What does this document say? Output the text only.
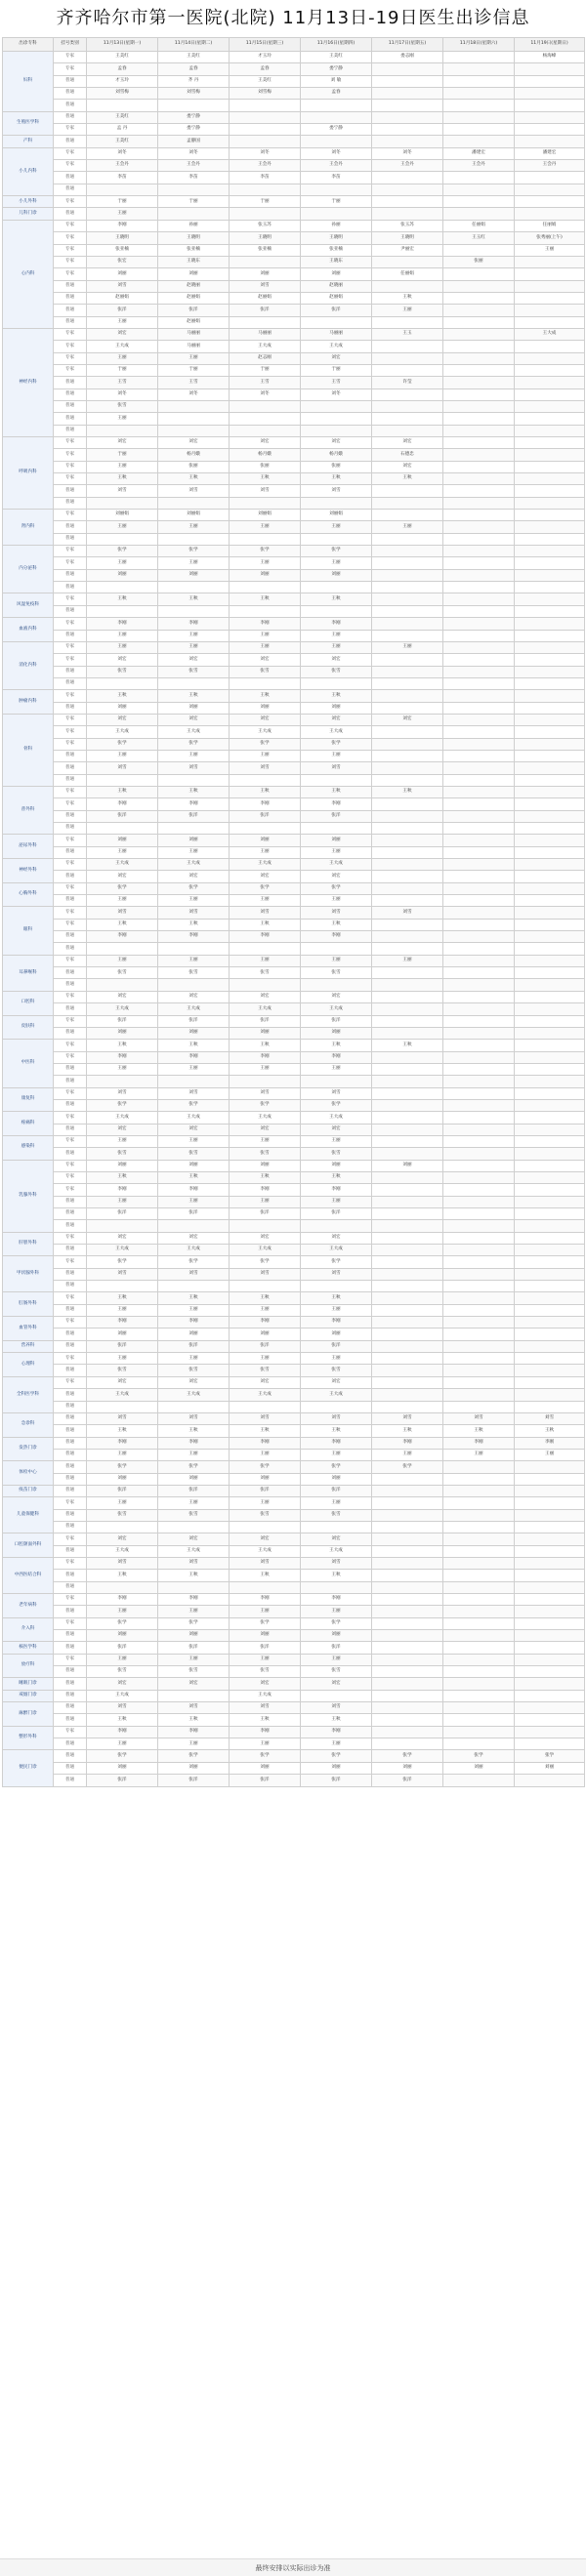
齐齐哈尔市第一医院(北院) 11月13日-19日医生出诊信息
出诊专科	挂号类别	11月13日(星期一)	11月14日(星期二)	11月15日(星期三)	11月16日(星期四)	11月17日(星期五)	11月18日(星期六)	11月19日(星期日)
妇科	专家	王美红	王美红	才玉玲	王美红	娄志刚		杨海峰
	专家	孟春	孟春	孟春	娄宁静			
	普通	才玉玲	齐 丹	王美红	刘 敏			
	普通	刘雪梅	刘雪梅	刘雪梅	孟春			
	普通							
生殖医学科	普通	王美红	娄宁静					
	专家	孟 丹	娄宁静		娄宁静			
产科	普通	王美红	孟静国					
小儿内科	专家	刘冬	刘冬	刘冬	刘冬	刘冬	潘建宏	潘建宏
	专家	王会丹	王会丹	王会丹	王会丹	王会丹	王会丹	王会丹
	普通	李苗	李苗	李苗	李苗			
	普通							
小儿外科	专家	于丽	于丽	于丽	于丽			
儿科门诊	普通	王丽						
心内科	专家	李刚	孙丽	张玉苏	孙丽	张玉苏	任丽娟	任丽娟
	专家	王晓明	王晓明	王晓明	王晓明	王晓明	王玉红	张秀丽(上午)
	专家	张亚楠	张亚楠	张亚楠	张亚楠	尹丽宏		王丽
	专家	张宏	王晓东		王晓东		张丽	
	专家	刘丽	刘丽	刘丽	刘丽	任丽娟		
	普通	刘雪	赵晓丽	刘雪	赵晓丽			
	普通	赵丽娟	赵丽娟	赵丽娟	赵丽娟	王秋		
	普通	张洋	张洋	张洋	张洋	王丽		
	普通	王丽	赵丽娟					
神经内科	专家	刘宏	马丽丽	马丽丽	马丽丽	王玉		王大成
	专家	王大成	马丽丽	王大成	王大成			
	专家	王丽	王丽	赵志刚	刘宏			
	专家	于丽	于丽	于丽	于丽			
	普通	王雪	王雪	王雪	王雪	许莹		
	普通	刘冬	刘冬	刘冬	刘冬			
	普通	张雪						
	普通	王丽						
	普通							
呼吸内科	专家	刘宏	刘宏	刘宏	刘宏	刘宏		
	专家	于丽	杨月娥	杨月娥	杨月娥	石德忠		
	专家	王丽	张丽	张丽	张丽	刘宏		
	专家	王秋	王秋	王秋	王秋	王秋		
	普通	刘雪	刘雪	刘雪	刘雪			
	普通							
肾内科	专家	刘丽娟	刘丽娟	刘丽娟	刘丽娟			
	普通	王丽	王丽	王丽	王丽	王丽		
	普通							
内分泌科	专家	张学	张学	张学	张学			
	专家	王丽	王丽	王丽	王丽			
	普通	刘丽	刘丽	刘丽	刘丽			
	普通							
风湿免疫科	专家	王秋	王秋	王秋	王秋			
	普通							
血液内科	专家	李刚	李刚	李刚	李刚			
	普通	王丽	王丽	王丽	王丽			
消化内科	专家	王丽	王丽	王丽	王丽	王丽		
	专家	刘宏	刘宏	刘宏	刘宏			
	普通	张雪	张雪	张雪	张雪			
	普通							
肿瘤内科	专家	王秋	王秋	王秋	王秋			
	普通	刘丽	刘丽	刘丽	刘丽			
骨科	专家	刘宏	刘宏	刘宏	刘宏	刘宏		
	专家	王大成	王大成	王大成	王大成			
	专家	张学	张学	张学	张学			
	普通	王丽	王丽	王丽	王丽			
	普通	刘雪	刘雪	刘雪	刘雪			
	普通							
普外科	专家	王秋	王秋	王秋	王秋	王秋		
	专家	李刚	李刚	李刚	李刚			
	普通	张洋	张洋	张洋	张洋			
	普通							
泌尿外科	专家	刘丽	刘丽	刘丽	刘丽			
	普通	王丽	王丽	王丽	王丽			
神经外科	专家	王大成	王大成	王大成	王大成			
	普通	刘宏	刘宏	刘宏	刘宏			
心胸外科	专家	张学	张学	张学	张学			
	普通	王丽	王丽	王丽	王丽			
眼科	专家	刘雪	刘雪	刘雪	刘雪	刘雪		
	专家	王秋	王秋	王秋	王秋			
	普通	李刚	李刚	李刚	李刚			
	普通							
耳鼻喉科	专家	王丽	王丽	王丽	王丽	王丽		
	普通	张雪	张雪	张雪	张雪			
	普通							
口腔科	专家	刘宏	刘宏	刘宏	刘宏			
	普通	王大成	王大成	王大成	王大成			
皮肤科	专家	张洋	张洋	张洋	张洋			
	普通	刘丽	刘丽	刘丽	刘丽			
中医科	专家	王秋	王秋	王秋	王秋	王秋		
	专家	李刚	李刚	李刚	李刚			
	普通	王丽	王丽	王丽	王丽			
	普通							
康复科	专家	刘雪	刘雪	刘雪	刘雪			
	普通	张学	张学	张学	张学			
疼痛科	专家	王大成	王大成	王大成	王大成			
	普通	刘宏	刘宏	刘宏	刘宏			
感染科	专家	王丽	王丽	王丽	王丽			
	普通	张雪	张雪	张雪	张雪			
乳腺外科	专家	刘丽	刘丽	刘丽	刘丽	刘丽		
	专家	王秋	王秋	王秋	王秋			
	专家	李刚	李刚	李刚	李刚			
	普通	王丽	王丽	王丽	王丽			
	普通	张洋	张洋	张洋	张洋			
	普通							
肝胆外科	专家	刘宏	刘宏	刘宏	刘宏			
	普通	王大成	王大成	王大成	王大成			
甲状腺外科	专家	张学	张学	张学	张学			
	普通	刘雪	刘雪	刘雪	刘雪			
	普通							
肛肠外科	专家	王秋	王秋	王秋	王秋			
	普通	王丽	王丽	王丽	王丽			
血管外科	专家	李刚	李刚	李刚	李刚			
	普通	刘丽	刘丽	刘丽	刘丽			
营养科	普通	张洋	张洋	张洋	张洋			
心理科	专家	王丽	王丽	王丽	王丽			
	普通	张雪	张雪	张雪	张雪			
全科医学科	专家	刘宏	刘宏	刘宏	刘宏			
	普通	王大成	王大成	王大成	王大成			
	普通							
急诊科	普通	刘雪	刘雪	刘雪	刘雪	刘雪	刘雪	刘雪
	普通	王秋	王秋	王秋	王秋	王秋	王秋	王秋
发热门诊	普通	李刚	李刚	李刚	李刚	李刚	李刚	李刚
	普通	王丽	王丽	王丽	王丽	王丽	王丽	王丽
体检中心	普通	张学	张学	张学	张学	张学		
	普通	刘丽	刘丽	刘丽	刘丽			
疫苗门诊	普通	张洋	张洋	张洋	张洋			
儿童保健科	专家	王丽	王丽	王丽	王丽			
	普通	张雪	张雪	张雪	张雪			
	普通							
口腔颌面外科	专家	刘宏	刘宏	刘宏	刘宏			
	普通	王大成	王大成	王大成	王大成			
中西医结合科	专家	刘雪	刘雪	刘雪	刘雪			
	普通	王秋	王秋	王秋	王秋			
	普通							
老年病科	专家	李刚	李刚	李刚	李刚			
	普通	王丽	王丽	王丽	王丽			
介入科	专家	张学	张学	张学	张学			
	普通	刘丽	刘丽	刘丽	刘丽			
核医学科	普通	张洋	张洋	张洋	张洋			
放疗科	专家	王丽	王丽	王丽	王丽			
	普通	张雪	张雪	张雪	张雪			
睡眠门诊	普通	刘宏	刘宏	刘宏	刘宏			
戒烟门诊	普通	王大成		王大成				
麻醉门诊	普通	刘雪	刘雪	刘雪	刘雪			
	普通	王秋	王秋	王秋	王秋			
整形外科	专家	李刚	李刚	李刚	李刚			
	普通	王丽	王丽	王丽	王丽			
便民门诊	普通	张学	张学	张学	张学	张学	张学	张学
	普通	刘丽	刘丽	刘丽	刘丽	刘丽	刘丽	刘丽
	普通	张洋	张洋	张洋	张洋	张洋		
最终安排以实际出诊为准
